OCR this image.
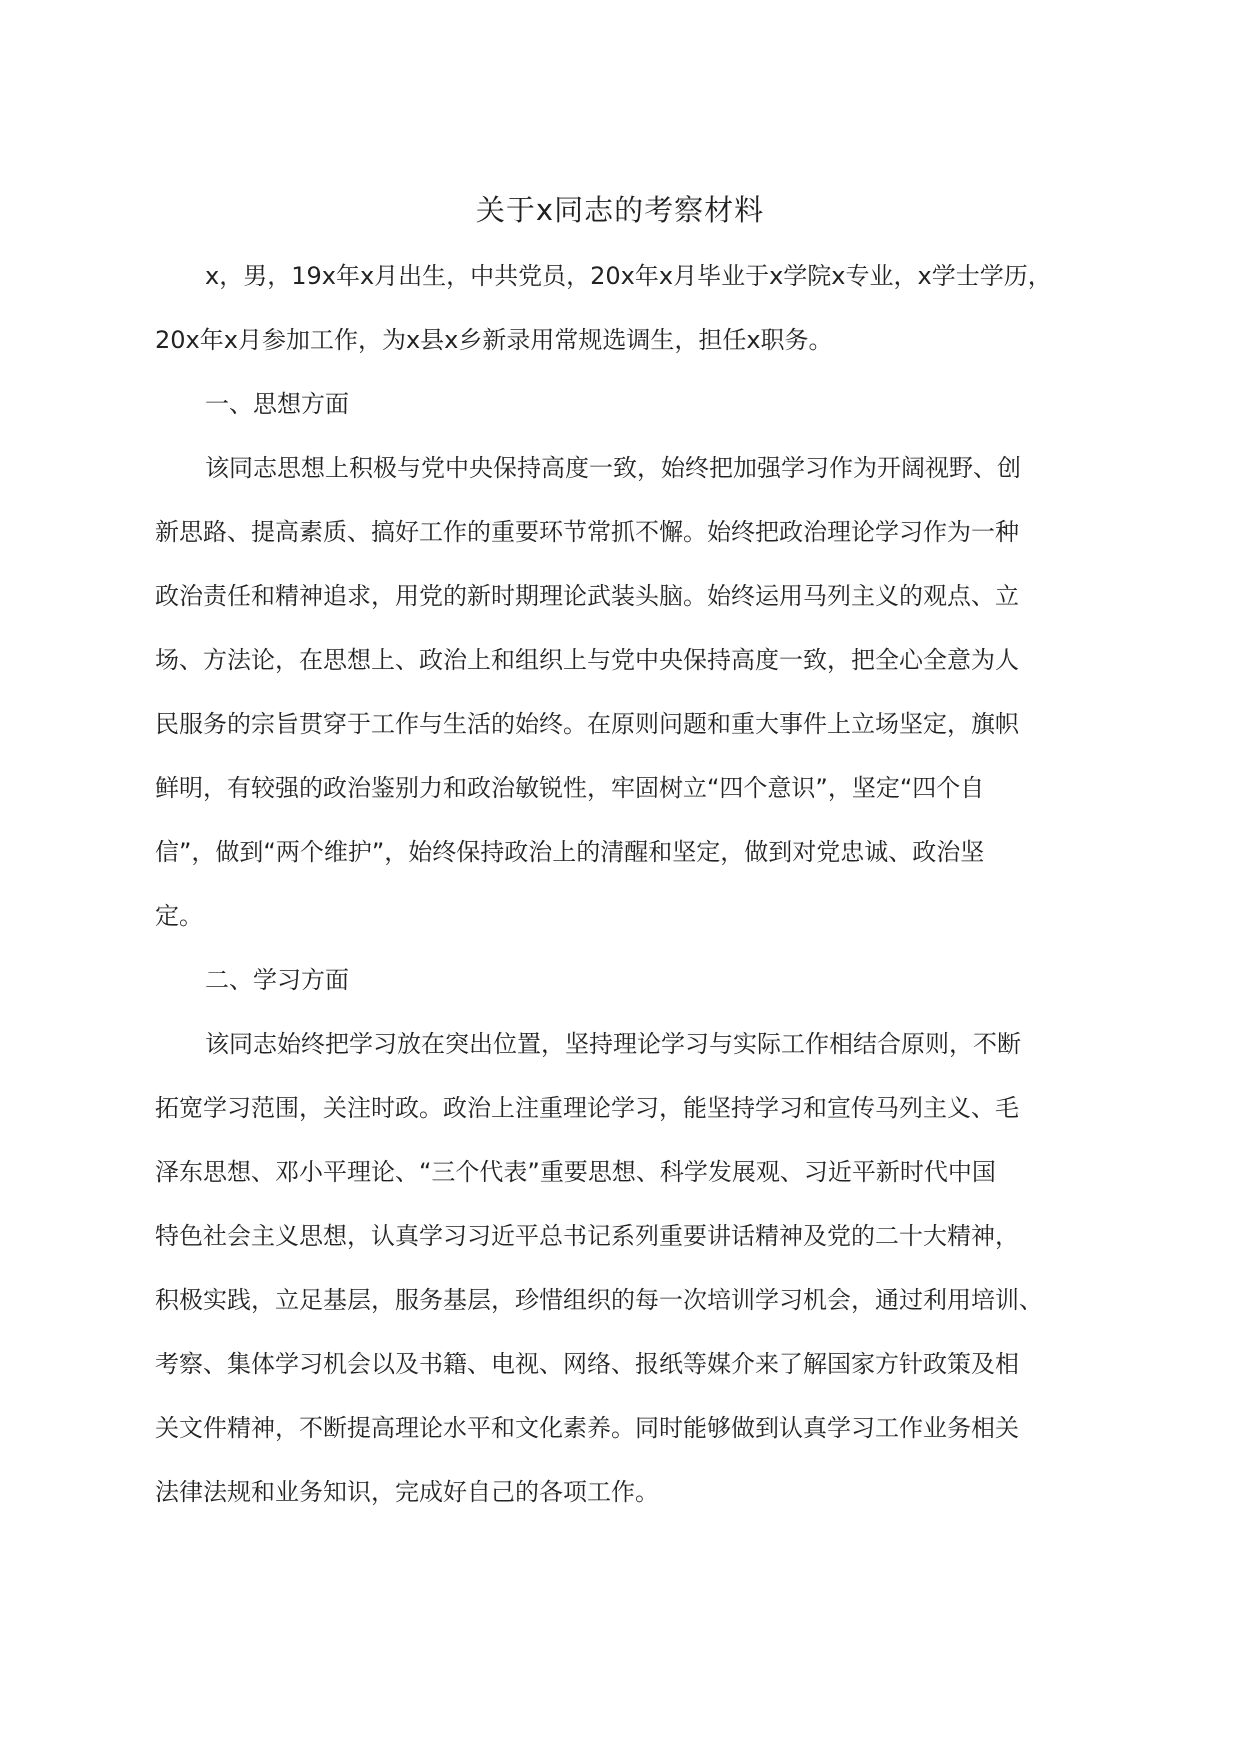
关于x同志的考察材料
x，男，19x年x月出生，中共党员，20x年x月毕业于x学院x专业，x学士学历，
20x年x月参加工作，为x县x乡新录用常规选调生，担任x职务。
一、思想方面
该同志思想上积极与党中央保持高度一致，始终把加强学习作为开阔视野、创
新思路、提高素质、搞好工作的重要环节常抓不懈。始终把政治理论学习作为一种
政治责任和精神追求，用党的新时期理论武装头脑。始终运用马列主义的观点、立
场、方法论，在思想上、政治上和组织上与党中央保持高度一致，把全心全意为人
民服务的宗旨贯穿于工作与生活的始终。在原则问题和重大事件上立场坚定，旗帜
鲜明，有较强的政治鉴别力和政治敏锐性，牢固树立“四个意识”，坚定“四个自
信”，做到“两个维护”，始终保持政治上的清醒和坚定，做到对党忠诚、政治坚
定。
二、学习方面
该同志始终把学习放在突出位置，坚持理论学习与实际工作相结合原则，不断
拓宽学习范围，关注时政。政治上注重理论学习，能坚持学习和宣传马列主义、毛
泽东思想、邓小平理论、“三个代表”重要思想、科学发展观、习近平新时代中国
特色社会主义思想，认真学习习近平总书记系列重要讲话精神及党的二十大精神，
积极实践，立足基层，服务基层，珍惜组织的每一次培训学习机会，通过利用培训、
考察、集体学习机会以及书籍、电视、网络、报纸等媒介来了解国家方针政策及相
关文件精神，不断提高理论水平和文化素养。同时能够做到认真学习工作业务相关
法律法规和业务知识，完成好自己的各项工作。
